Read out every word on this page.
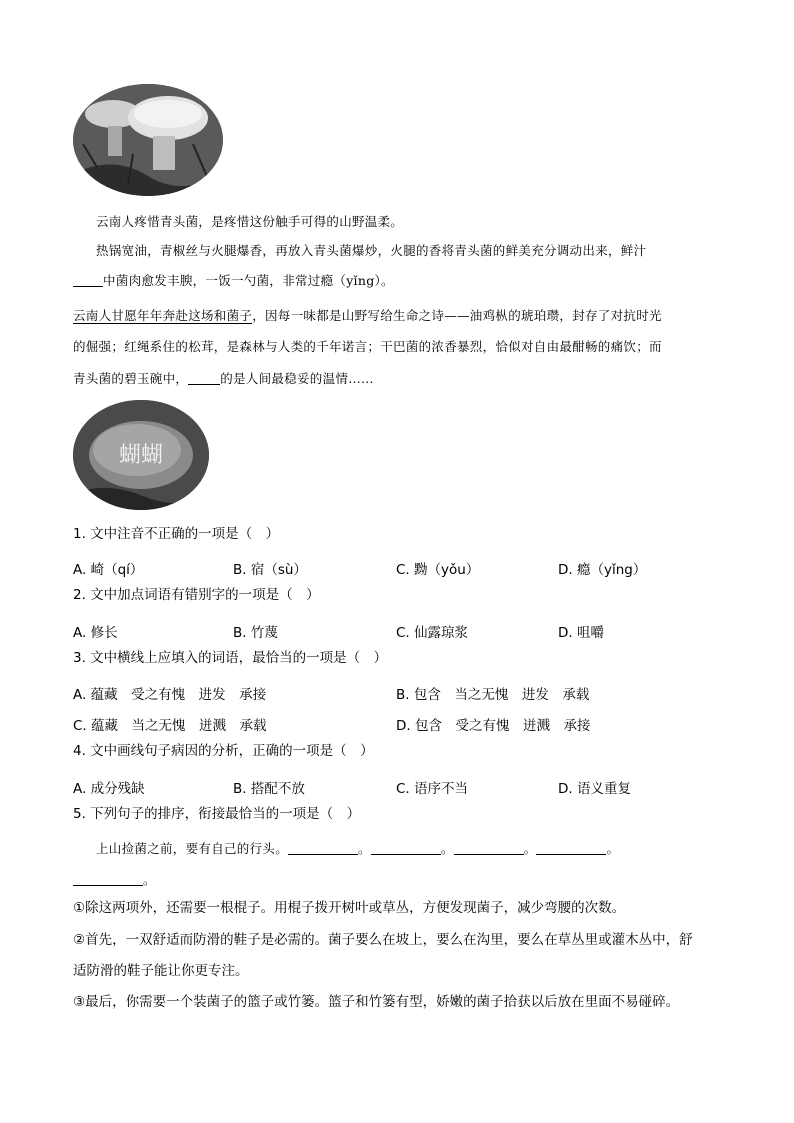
云南人疼惜青头菌，是疼惜这份触手可得的山野温柔。
热锅宽油，青椒丝与火腿爆香，再放入青头菌爆炒，火腿的香将青头菌的鲜美充分调动出来，鲜汁
中菌肉愈发丰腴，一饭一勺菌，非常过瘾（yǐng）。
云南人甘愿年年奔赴这场和菌子，因每一味都是山野写给生命之诗——油鸡枞的琥珀瓒，封存了对抗时光
的倔强；红绳系住的松茸，是森林与人类的千年诺言；干巴菌的浓香暴烈，恰似对自由最酣畅的痛饮；而
青头菌的碧玉碗中，	的是人间最稳妥的温情……
蝴蝴
1. 文中注音不正确的一项是（　）
A. 崎（qí）	B. 宿（sù）	C. 黝（yǒu）	D. 瘾（yǐng）
2. 文中加点词语有错别字的一项是（　）
A. 修长	B. 竹蔑	C. 仙露琼浆	D. 咀嚼
3. 文中横线上应填入的词语，最恰当的一项是（　）
A. 蕴藏　受之有愧　进发　承接	B. 包含　当之无愧　进发　承载
C. 蕴藏　当之无愧　迸溅　承载	D. 包含　受之有愧　迸溅　承接
4. 文中画线句子病因的分析，正确的一项是（　）
A. 成分残缺	B. 搭配不放	C. 语序不当	D. 语义重复
5. 下列句子的排序，衔接最恰当的一项是（　）
上山捡菌之前，要有自己的行头。	。	。	。	。
。
①除这两项外，还需要一根棍子。用棍子拨开树叶或草丛，方便发现菌子，减少弯腰的次数。
②首先，一双舒适而防滑的鞋子是必需的。菌子要么在坡上，要么在沟里，要么在草丛里或灌木丛中，舒
适防滑的鞋子能让你更专注。
③最后，你需要一个装菌子的篮子或竹篓。篮子和竹篓有型，娇嫩的菌子拾获以后放在里面不易碰碎。
